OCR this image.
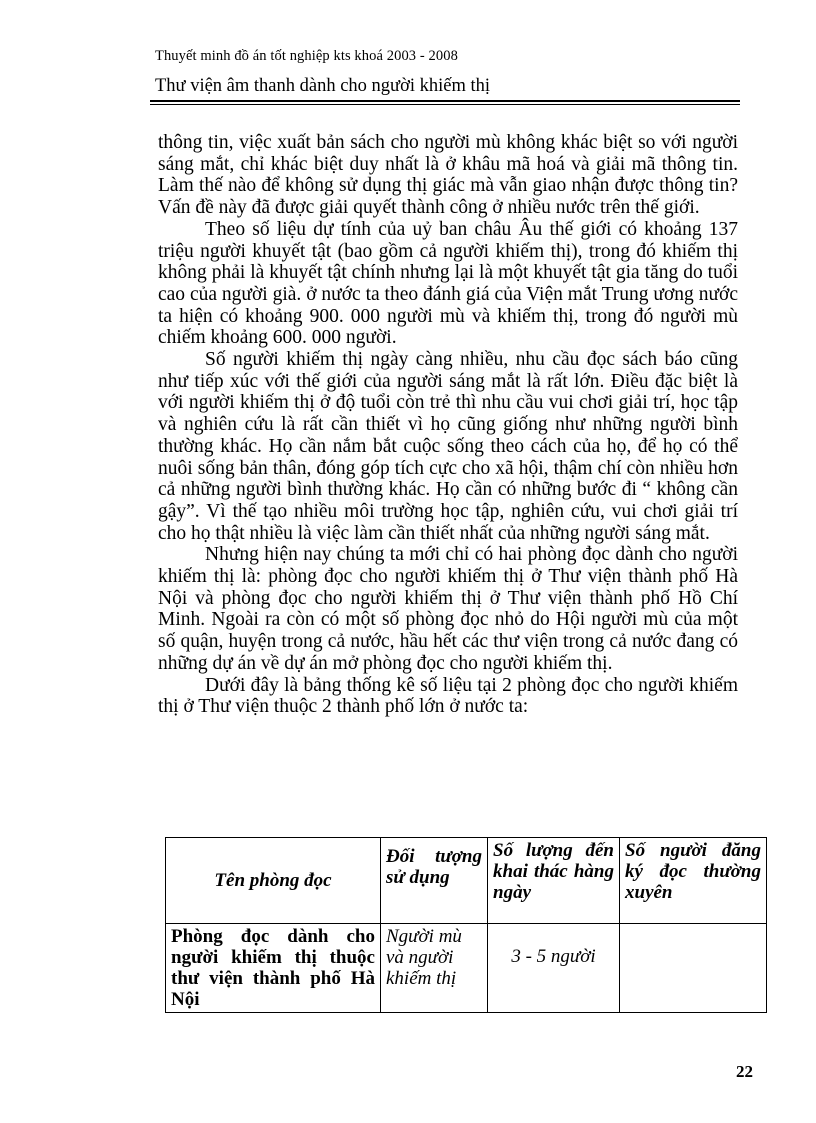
Thuyết minh đồ án tốt nghiệp kts khoá 2003 - 2008
Thư viện âm thanh dành cho người khiếm thị

thông tin, việc xuất bản sách cho người mù không khác biệt so với người sáng mắt, chỉ khác biệt duy nhất là ở khâu mã hoá và giải mã thông tin. Làm thế nào để không sử dụng thị giác mà vẫn giao nhận được thông tin? Vấn đề này đã được giải quyết thành công ở nhiều nước trên thế giới.

Theo số liệu dự tính của uỷ ban châu Âu thế giới có khoảng 137 triệu người khuyết tật (bao gồm cả người khiếm thị), trong đó khiếm thị không phải là khuyết tật chính nhưng lại là một khuyết tật gia tăng do tuổi cao của người già. ở nước ta theo đánh giá của Viện mắt Trung ương nước ta hiện có khoảng 900. 000 người mù và khiếm thị, trong đó người mù chiếm khoảng 600. 000 người.

Số người khiếm thị ngày càng nhiều, nhu cầu đọc sách báo cũng như tiếp xúc với thế giới của người sáng mắt là rất lớn. Điều đặc biệt là với người khiếm thị ở độ tuổi còn trẻ thì nhu cầu vui chơi giải trí, học tập và nghiên cứu là rất cần thiết vì họ cũng giống như những người bình thường khác. Họ cần nắm bắt cuộc sống theo cách của họ, để họ có thể nuôi sống bản thân, đóng góp tích cực cho xã hội, thậm chí còn nhiều hơn cả những người bình thường khác. Họ cần có những bước đi “ không cần gậy”. Vì thế tạo nhiều môi trường học tập, nghiên cứu, vui chơi giải trí cho họ thật nhiều là việc làm cần thiết nhất của những người sáng mắt.

Nhưng hiện nay chúng ta mới chỉ có hai phòng đọc dành cho người khiếm thị là: phòng đọc cho người khiếm thị ở Thư viện thành phố Hà Nội và phòng đọc cho người khiếm thị ở Thư viện thành phố Hồ Chí Minh. Ngoài ra còn có một số phòng đọc nhỏ do Hội người mù của một số quận, huyện trong cả nước, hầu hết các thư viện trong cả nước đang có những dự án về dự án mở phòng đọc cho người khiếm thị.

Dưới đây là bảng thống kê số liệu tại 2 phòng đọc cho người khiếm thị ở Thư viện thuộc 2 thành phố lớn ở nước ta:

Tên phòng đọc	Đối tượng sử dụng	Số lượng đến khai thác hàng ngày	Số người đăng ký đọc thường xuyên
Phòng đọc dành cho người khiếm thị thuộc thư viện thành phố Hà Nội	Người mù và người khiếm thị	3 - 5 người	
22
